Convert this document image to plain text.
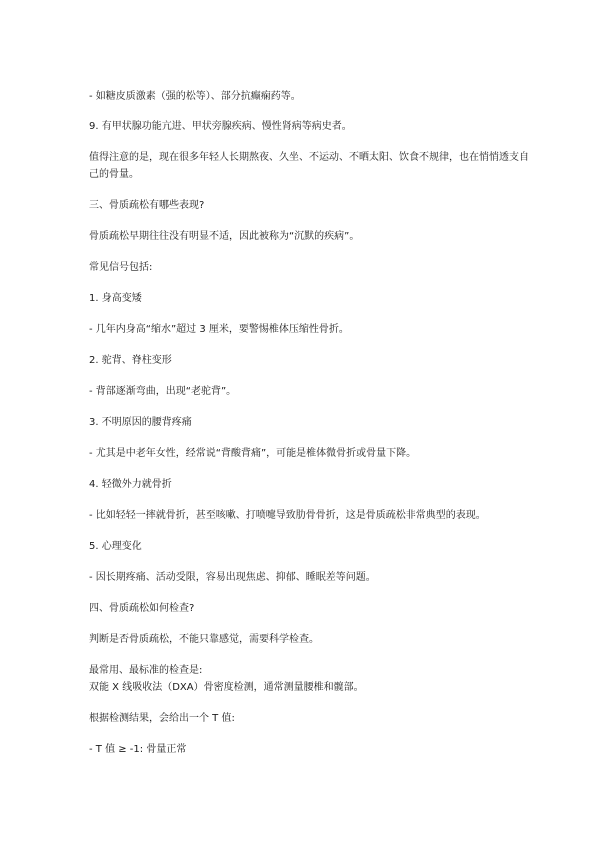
- 如糖皮质激素（强的松等）、部分抗癫痫药等。

9. 有甲状腺功能亢进、甲状旁腺疾病、慢性肾病等病史者。

值得注意的是，现在很多年轻人长期熬夜、久坐、不运动、不晒太阳、饮食不规律，也在悄悄透支自己的骨量。

三、骨质疏松有哪些表现?

骨质疏松早期往往没有明显不适，因此被称为“沉默的疾病”。

常见信号包括:

1. 身高变矮

- 几年内身高“缩水”超过 3 厘米，要警惕椎体压缩性骨折。

2. 驼背、脊柱变形

- 背部逐渐弯曲，出现“老驼背”。

3. 不明原因的腰背疼痛

- 尤其是中老年女性，经常说“背酸背痛”，可能是椎体微骨折或骨量下降。

4. 轻微外力就骨折

- 比如轻轻一摔就骨折，甚至咳嗽、打喷嚏导致肋骨骨折，这是骨质疏松非常典型的表现。

5. 心理变化

- 因长期疼痛、活动受限，容易出现焦虑、抑郁、睡眠差等问题。

四、骨质疏松如何检查?

判断是否骨质疏松，不能只靠感觉，需要科学检查。

最常用、最标准的检查是:

双能 X 线吸收法（DXA）骨密度检测，通常测量腰椎和髋部。

根据检测结果，会给出一个 T 值:

- T 值 ≥ -1: 骨量正常
